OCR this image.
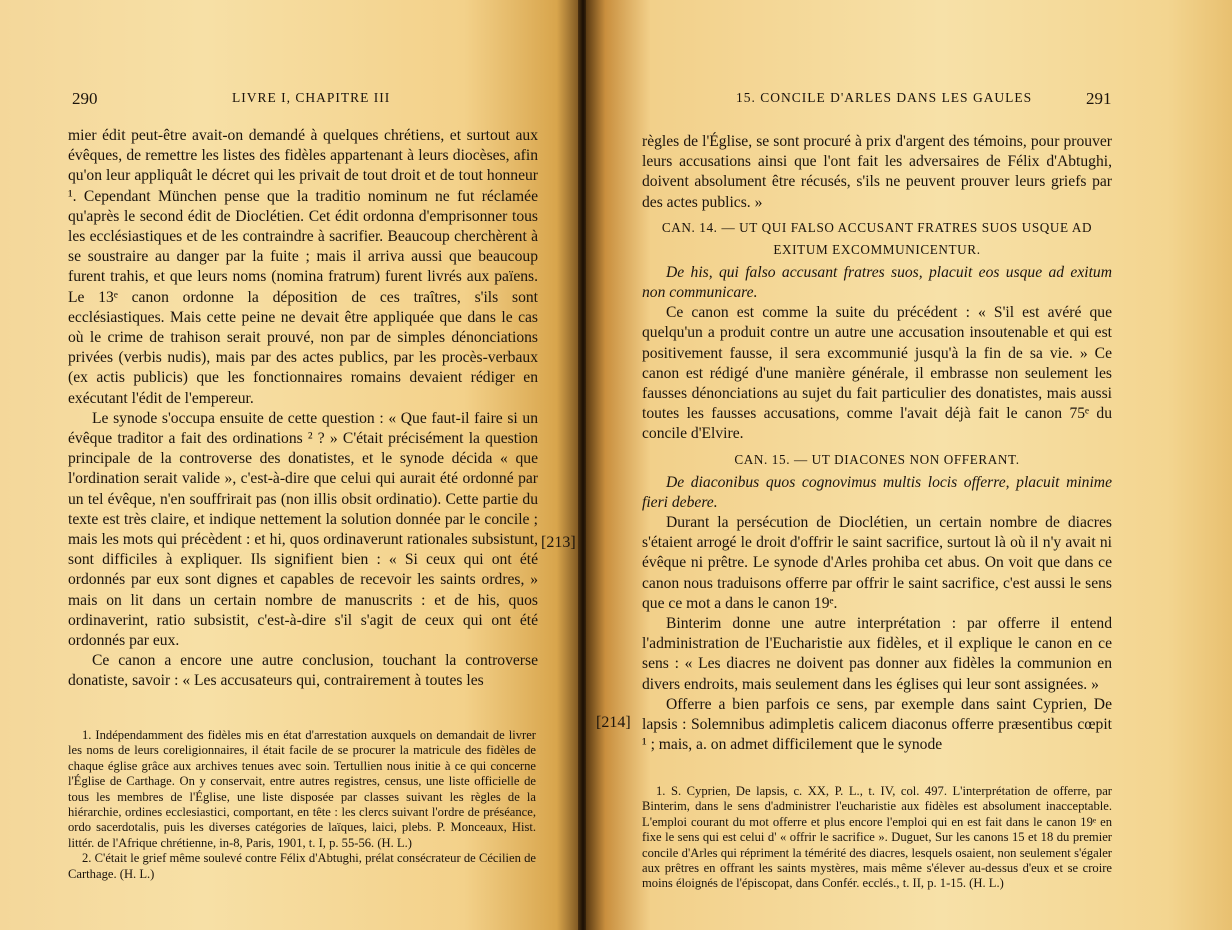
290	LIVRE I, CHAPITRE III

mier édit peut-être avait-on demandé à quelques chrétiens, et surtout aux évêques, de remettre les listes des fidèles appartenant à leurs diocèses, afin qu'on leur appliquât le décret qui les privait de tout droit et de tout honneur ¹. Cependant München pense que la traditio nominum ne fut réclamée qu'après le second édit de Dioclétien. Cet édit ordonna d'emprisonner tous les ecclésiastiques et de les contraindre à sacrifier. Beaucoup cherchèrent à se soustraire au danger par la fuite ; mais il arriva aussi que beaucoup furent trahis, et que leurs noms (nomina fratrum) furent livrés aux païens. Le 13ᵉ canon ordonne la déposition de ces traîtres, s'ils sont ecclésiastiques. Mais cette peine ne devait être appliquée que dans le cas où le crime de trahison serait prouvé, non par de simples dénonciations privées (verbis nudis), mais par des actes publics, par les procès-verbaux (ex actis publicis) que les fonctionnaires romains devaient rédiger en exécutant l'édit de l'empereur.

Le synode s'occupa ensuite de cette question : « Que faut-il faire si un évêque traditor a fait des ordinations ² ? » C'était précisément la question principale de la controverse des donatistes, et le synode décida « que l'ordination serait valide », c'est-à-dire que celui qui aurait été ordonné par un tel évêque, n'en souffrirait pas (non illis obsit ordinatio). Cette partie du texte est très claire, et indique nettement la solution donnée par le concile ; mais les mots qui précèdent : et hi, quos ordinaverunt rationales subsistunt, sont difficiles à expliquer. Ils signifient bien : « Si ceux qui ont été ordonnés par eux sont dignes et capables de recevoir les saints ordres, » mais on lit dans un certain nombre de manuscrits : et de his, quos ordinaverint, ratio subsistit, c'est-à-dire s'il s'agit de ceux qui ont été ordonnés par eux.

Ce canon a encore une autre conclusion, touchant la controverse donatiste, savoir : « Les accusateurs qui, contrairement à toutes les

1. Indépendamment des fidèles mis en état d'arrestation auxquels on demandait de livrer les noms de leurs coreligionnaires, il était facile de se procurer la matricule des fidèles de chaque église grâce aux archives tenues avec soin. Tertullien nous initie à ce qui concerne l'Église de Carthage. On y conservait, entre autres registres, census, une liste officielle de tous les membres de l'Église, une liste disposée par classes suivant les règles de la hiérarchie, ordines ecclesiastici, comportant, en tête : les clercs suivant l'ordre de préséance, ordo sacerdotalis, puis les diverses catégories de laïques, laici, plebs. P. Monceaux, Hist. littér. de l'Afrique chrétienne, in-8, Paris, 1901, t. I, p. 55-56. (H. L.)

2. C'était le grief même soulevé contre Félix d'Abtughi, prélat consécrateur de Cécilien de Carthage. (H. L.)

[213]
15. CONCILE D'ARLES DANS LES GAULES	291

règles de l'Église, se sont procuré à prix d'argent des témoins, pour prouver leurs accusations ainsi que l'ont fait les adversaires de Félix d'Abtughi, doivent absolument être récusés, s'ils ne peuvent prouver leurs griefs par des actes publics. »

CAN. 14. — UT QUI FALSO ACCUSANT FRATRES SUOS USQUE AD EXITUM EXCOMMUNICENTUR.

De his, qui falso accusant fratres suos, placuit eos usque ad exitum non communicare.

Ce canon est comme la suite du précédent : « S'il est avéré que quelqu'un a produit contre un autre une accusation insoutenable et qui est positivement fausse, il sera excommunié jusqu'à la fin de sa vie. » Ce canon est rédigé d'une manière générale, il embrasse non seulement les fausses dénonciations au sujet du fait particulier des donatistes, mais aussi toutes les fausses accusations, comme l'avait déjà fait le canon 75ᵉ du concile d'Elvire.

CAN. 15. — UT DIACONES NON OFFERANT.

De diaconibus quos cognovimus multis locis offerre, placuit minime fieri debere.

Durant la persécution de Dioclétien, un certain nombre de diacres s'étaient arrogé le droit d'offrir le saint sacrifice, surtout là où il n'y avait ni évêque ni prêtre. Le synode d'Arles prohiba cet abus. On voit que dans ce canon nous traduisons offerre par offrir le saint sacrifice, c'est aussi le sens que ce mot a dans le canon 19ᵉ.

Binterim donne une autre interprétation : par offerre il entend l'administration de l'Eucharistie aux fidèles, et il explique le canon en ce sens : « Les diacres ne doivent pas donner aux fidèles la communion en divers endroits, mais seulement dans les églises qui leur sont assignées. »

Offerre a bien parfois ce sens, par exemple dans saint Cyprien, De lapsis : Solemnibus adimpletis calicem diaconus offerre præsentibus cœpit ¹ ; mais, a. on admet difficilement que le synode

[214]

1. S. Cyprien, De lapsis, c. XX, P. L., t. IV, col. 497. L'interprétation de offerre, par Binterim, dans le sens d'administrer l'eucharistie aux fidèles est absolument inacceptable. L'emploi courant du mot offerre et plus encore l'emploi qui en est fait dans le canon 19ᵉ en fixe le sens qui est celui d' « offrir le sacrifice ». Duguet, Sur les canons 15 et 18 du premier concile d'Arles qui répriment la témérité des diacres, lesquels osaient, non seulement s'égaler aux prêtres en offrant les saints mystères, mais même s'élever au-dessus d'eux et se croire moins éloignés de l'épiscopat, dans Confér. ecclés., t. II, p. 1-15. (H. L.)
